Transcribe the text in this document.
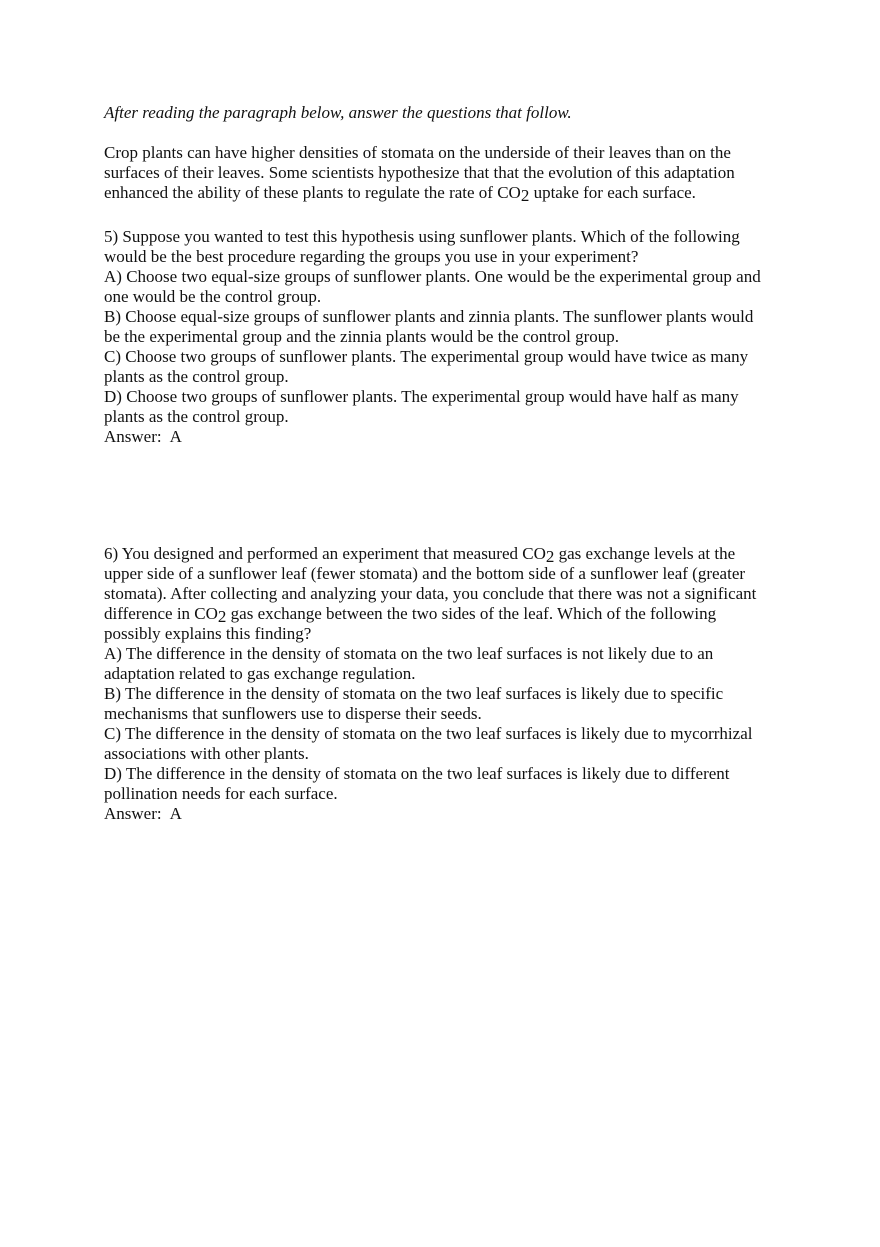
After reading the paragraph below, answer the questions that follow.
Crop plants can have higher densities of stomata on the underside of their leaves than on the
surfaces of their leaves. Some scientists hypothesize that that the evolution of this adaptation
enhanced the ability of these plants to regulate the rate of CO2 uptake for each surface.
5) Suppose you wanted to test this hypothesis using sunflower plants. Which of the following
would be the best procedure regarding the groups you use in your experiment?
A) Choose two equal-size groups of sunflower plants. One would be the experimental group and
one would be the control group.
B) Choose equal-size groups of sunflower plants and zinnia plants. The sunflower plants would
be the experimental group and the zinnia plants would be the control group.
C) Choose two groups of sunflower plants. The experimental group would have twice as many
plants as the control group.
D) Choose two groups of sunflower plants. The experimental group would have half as many
plants as the control group.
Answer: A
6) You designed and performed an experiment that measured CO2 gas exchange levels at the
upper side of a sunflower leaf (fewer stomata) and the bottom side of a sunflower leaf (greater
stomata). After collecting and analyzing your data, you conclude that there was not a significant
difference in CO2 gas exchange between the two sides of the leaf. Which of the following
possibly explains this finding?
A) The difference in the density of stomata on the two leaf surfaces is not likely due to an
adaptation related to gas exchange regulation.
B) The difference in the density of stomata on the two leaf surfaces is likely due to specific
mechanisms that sunflowers use to disperse their seeds.
C) The difference in the density of stomata on the two leaf surfaces is likely due to mycorrhizal
associations with other plants.
D) The difference in the density of stomata on the two leaf surfaces is likely due to different
pollination needs for each surface.
Answer: A
